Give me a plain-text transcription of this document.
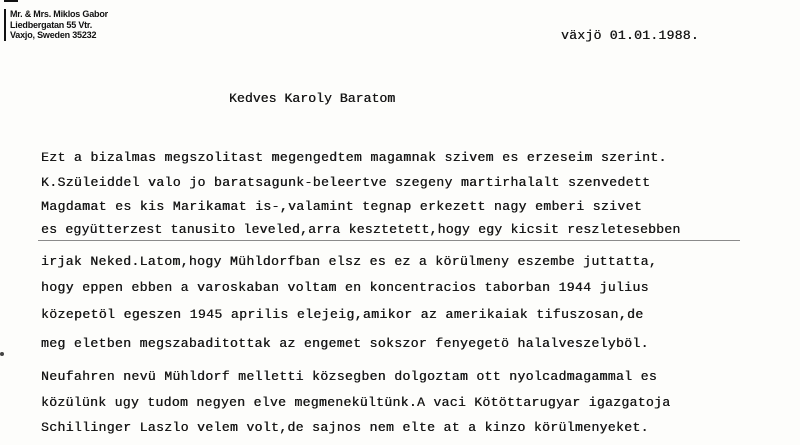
Mr. & Mrs. Miklos Gabor
Liedbergatan 55 Vtr.
Vaxjo, Sweden 35232	växjö 01.01.1988.
Kedves Karoly Baratom
Ezt a bizalmas megszolitast megengedtem magamnak szivem es erzeseim szerint.
K.Szüleiddel valo jo baratsagunk-beleertve szegeny martirhalalt szenvedett
Magdamat es kis Marikamat is-,valamint tegnap erkezett nagy emberi szivet
es együtterzest tanusito leveled,arra kesztetett,hogy egy kicsit reszletesebben
irjak Neked.Latom,hogy Mühldorfban elsz es ez a körülmeny eszembe juttatta,
hogy eppen ebben a varoskaban voltam en koncentracios taborban 1944 julius
közepetöl egeszen 1945 aprilis elejeig,amikor az amerikaiak tifuszosan,de
meg eletben megszabaditottak az engemet sokszor fenyegetö halalveszelyböl.
Neufahren nevü Mühldorf melletti közsegben dolgoztam ott nyolcadmagammal es
közülünk ugy tudom negyen elve megmenekültünk.A vaci Kötöttarugyar igazgatoja
Schillinger Laszlo velem volt,de sajnos nem elte at a kinzo körülmenyeket.
